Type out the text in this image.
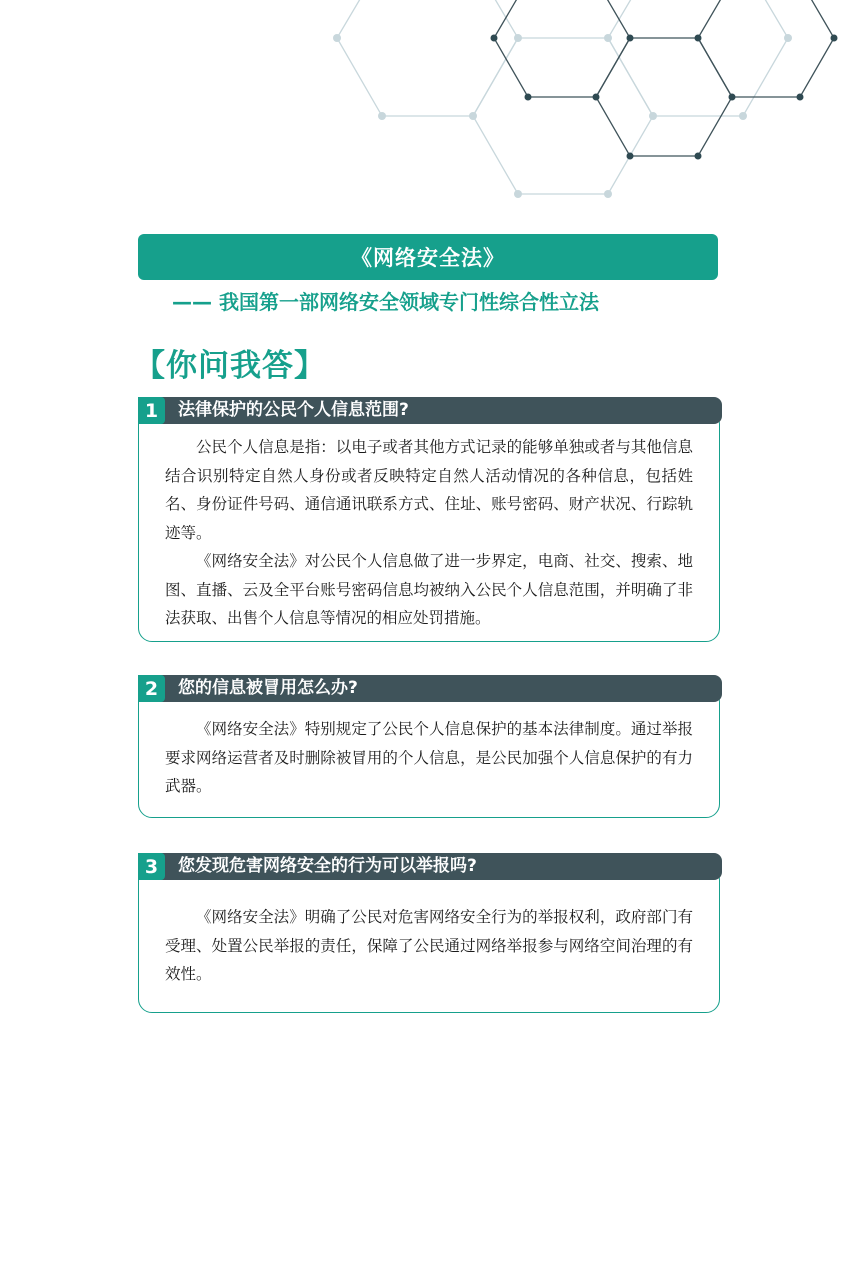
《网络安全法》
—— 我国第一部网络安全领域专门性综合性立法
【你问我答】
1	法律保护的公民个人信息范围?

公民个人信息是指：以电子或者其他方式记录的能够单独或者与其他信息结合识别特定自然人身份或者反映特定自然人活动情况的各种信息，包括姓名、身份证件号码、通信通讯联系方式、住址、账号密码、财产状况、行踪轨迹等。

《网络安全法》对公民个人信息做了进一步界定，电商、社交、搜索、地图、直播、云及全平台账号密码信息均被纳入公民个人信息范围，并明确了非法获取、出售个人信息等情况的相应处罚措施。

2	您的信息被冒用怎么办?

《网络安全法》特别规定了公民个人信息保护的基本法律制度。通过举报要求网络运营者及时删除被冒用的个人信息，是公民加强个人信息保护的有力武器。

3	您发现危害网络安全的行为可以举报吗?

《网络安全法》明确了公民对危害网络安全行为的举报权利，政府部门有受理、处置公民举报的责任，保障了公民通过网络举报参与网络空间治理的有效性。
